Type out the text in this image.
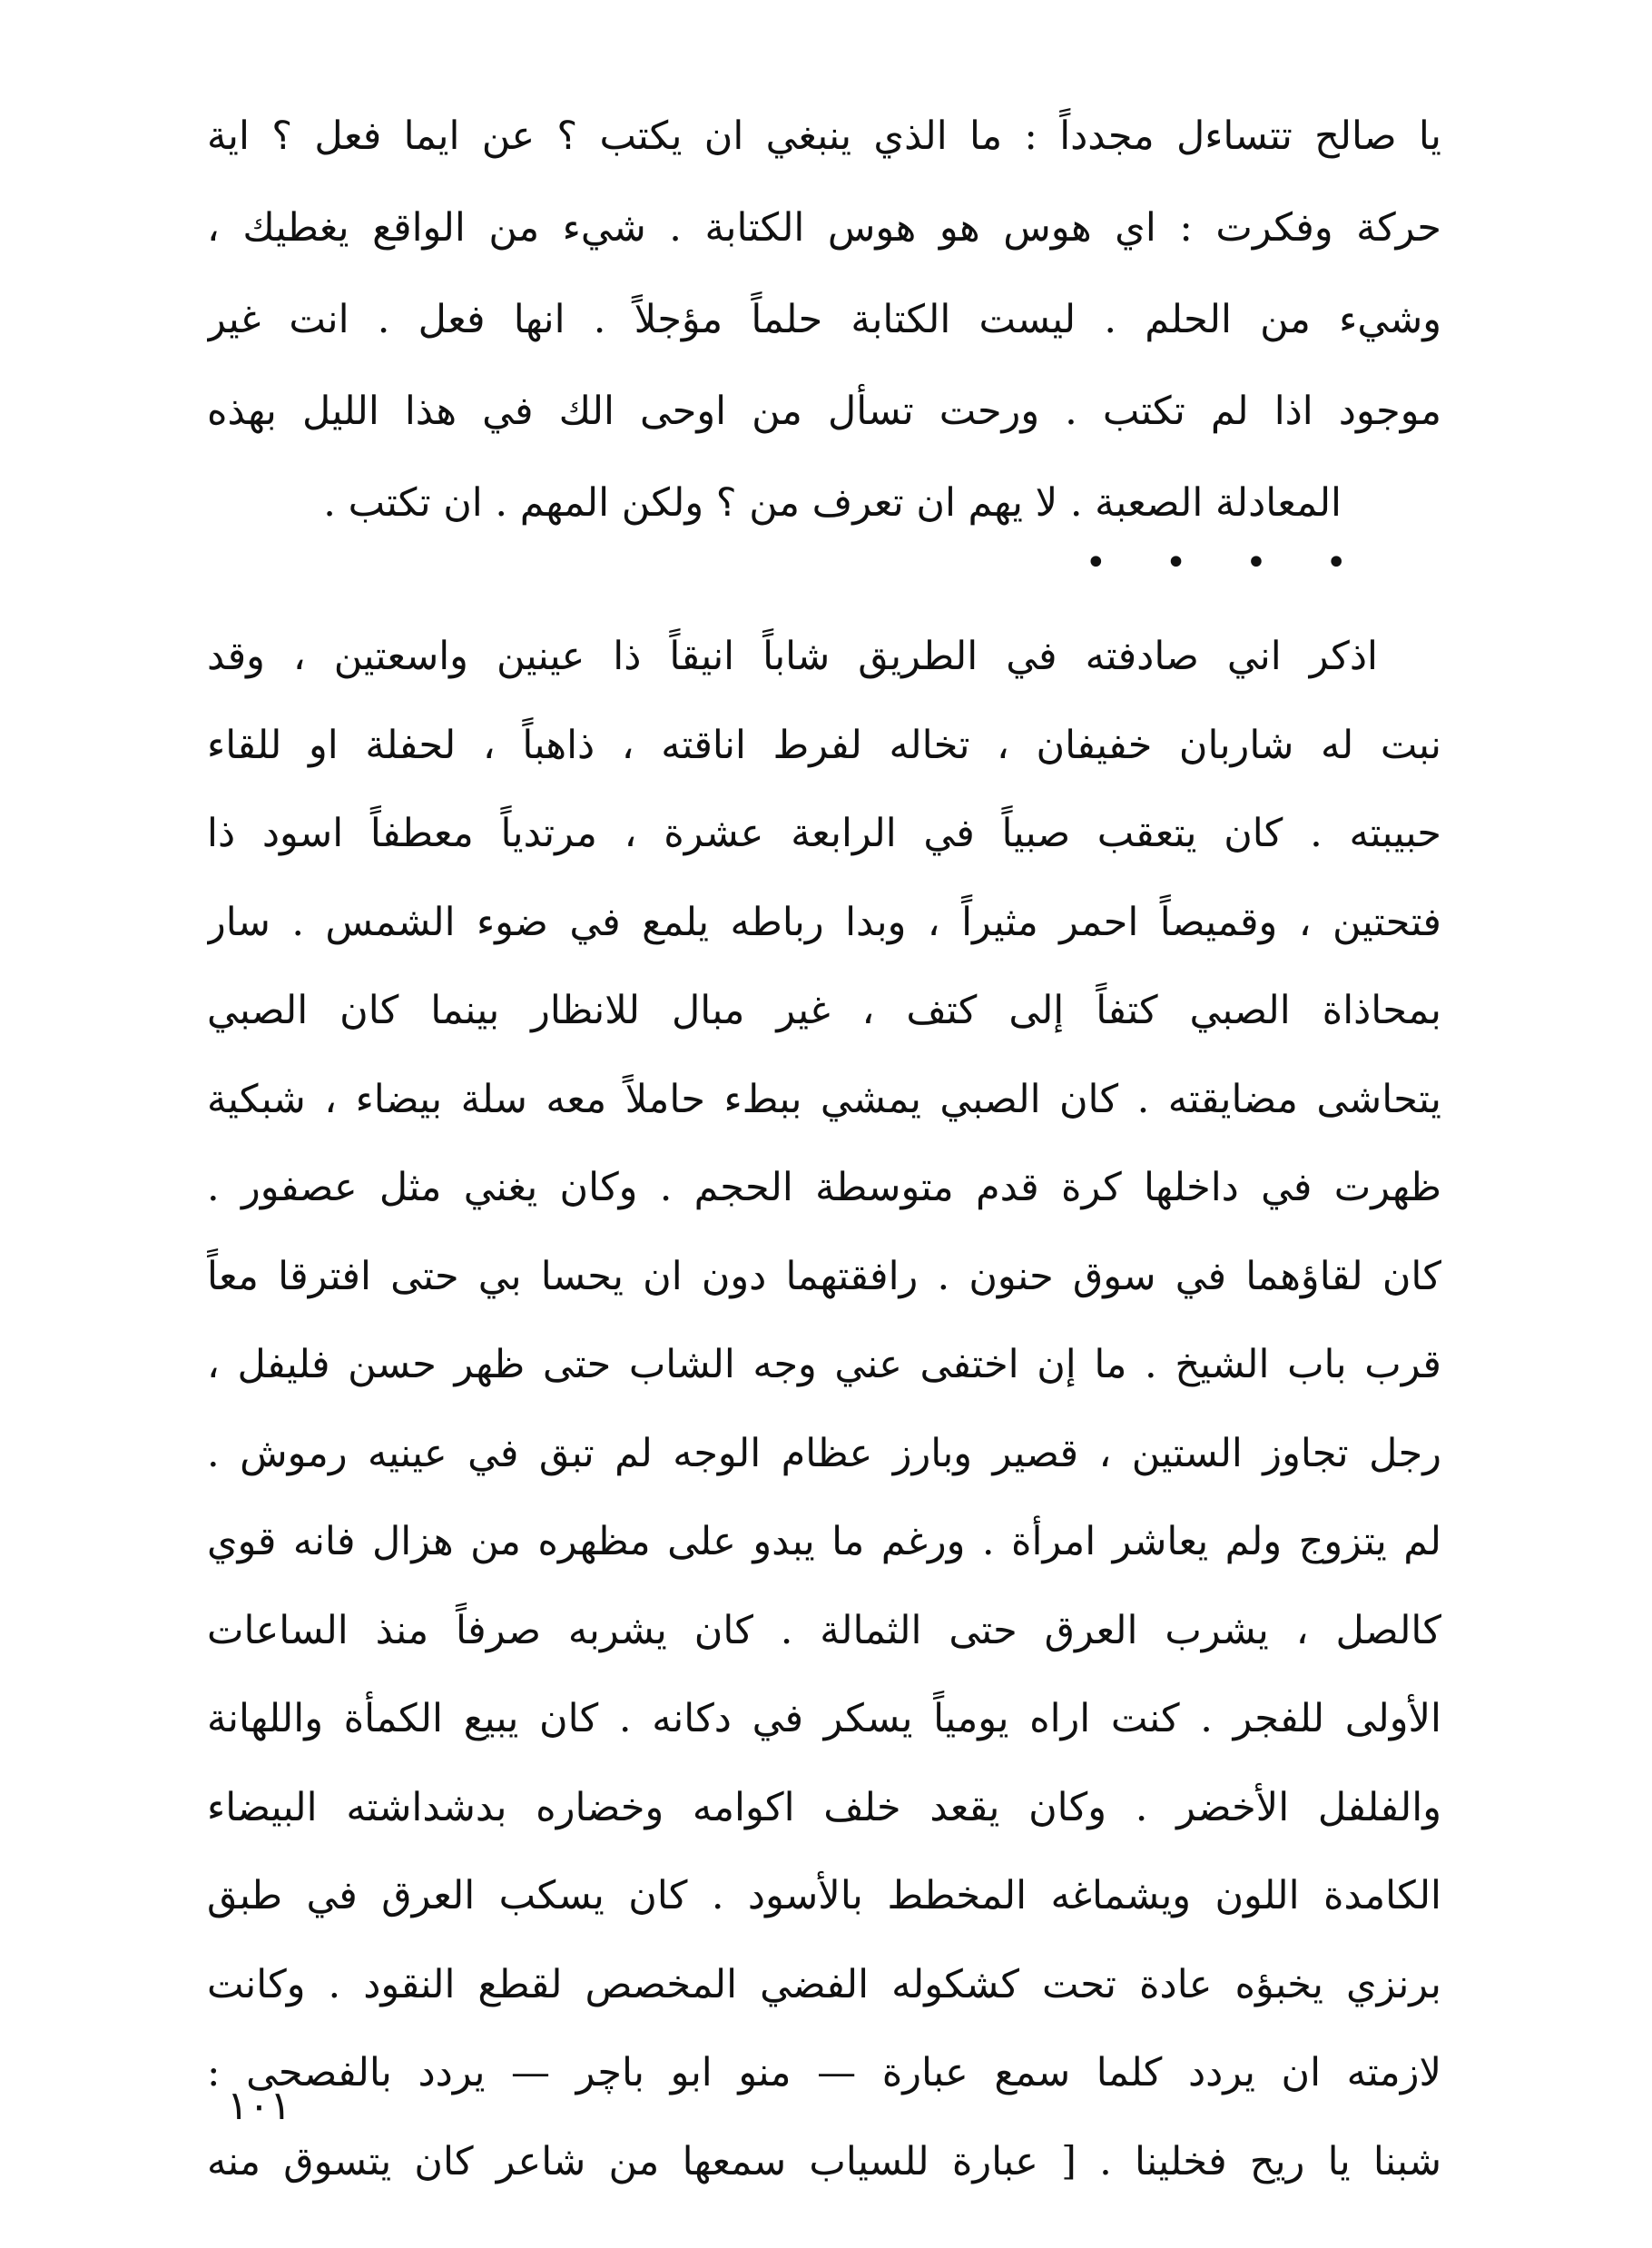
يا صالح تتساءل مجدداً : ما الذي ينبغي ان يكتب ؟ عن ايما فعل ؟ اية
حركة وفكرت : اي هوس هو هوس الكتابة . شيء من الواقع يغطيك ،
وشيء من الحلم . ليست الكتابة حلماً مؤجلاً . انها فعل . انت غير
موجود اذا لم تكتب . ورحت تسأل من اوحى الك في هذا الليل بهذه
المعادلة الصعبة . لا يهم ان تعرف من ؟ ولكن المهم . ان تكتب .
• • • •
اذكر اني صادفته في الطريق شاباً انيقاً ذا عينين واسعتين ، وقد
نبت له شاربان خفيفان ، تخاله لفرط اناقته ، ذاهباً ، لحفلة او للقاء
حبيبته . كان يتعقب صبياً في الرابعة عشرة ، مرتدياً معطفاً اسود ذا
فتحتين ، وقميصاً احمر مثيراً ، وبدا رباطه يلمع في ضوء الشمس . سار
بمحاذاة الصبي كتفاً إلى كتف ، غير مبال للانظار بينما كان الصبي
يتحاشى مضايقته . كان الصبي يمشي ببطء حاملاً معه سلة بيضاء ، شبكية
ظهرت في داخلها كرة قدم متوسطة الحجم . وكان يغني مثل عصفور .
كان لقاؤهما في سوق حنون . رافقتهما دون ان يحسا بي حتى افترقا معاً
قرب باب الشيخ . ما إن اختفى عني وجه الشاب حتى ظهر حسن فليفل ،
رجل تجاوز الستين ، قصير وبارز عظام الوجه لم تبق في عينيه رموش .
لم يتزوج ولم يعاشر امرأة . ورغم ما يبدو على مظهره من هزال فانه قوي
كالصل ، يشرب العرق حتى الثمالة . كان يشربه صرفاً منذ الساعات
الأولى للفجر . كنت اراه يومياً يسكر في دكانه . كان يبيع الكمأة واللهانة
والفلفل الأخضر . وكان يقعد خلف اكوامه وخضاره بدشداشته البيضاء
الكامدة اللون ويشماغه المخطط بالأسود . كان يسكب العرق في طبق
برنزي يخبؤه عادة تحت كشكوله الفضي المخصص لقطع النقود . وكانت
لازمته ان يردد كلما سمع عبارة — منو ابو باچر — يردد بالفصحى :
شبنا يا ريح فخلينا . [ عبارة للسياب سمعها من شاعر كان يتسوق منه
١٠١
